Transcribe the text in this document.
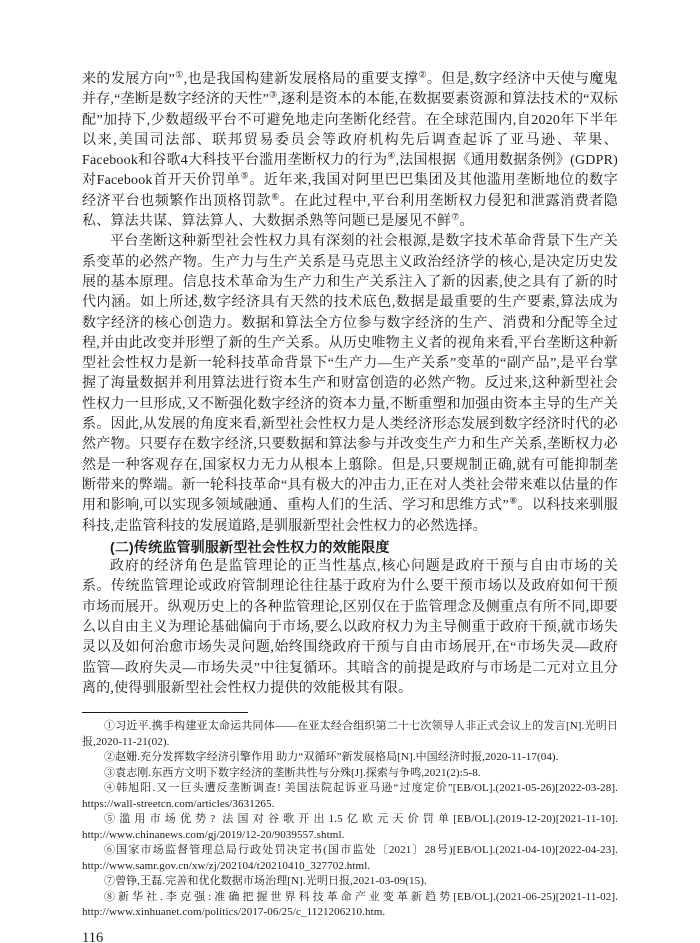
来的发展方向”①,也是我国构建新发展格局的重要支撑②。但是,数字经济中天使与魔鬼并存,“垄断是数字经济的天性”③,逐利是资本的本能,在数据要素资源和算法技术的“双标配”加持下,少数超级平台不可避免地走向垄断化经营。在全球范围内,自2020年下半年以来,美国司法部、联邦贸易委员会等政府机构先后调查起诉了亚马逊、苹果、Facebook和谷歌4大科技平台滥用垄断权力的行为④,法国根据《通用数据条例》(GDPR)对Facebook首开天价罚单⑤。近年来,我国对阿里巴巴集团及其他滥用垄断地位的数字经济平台也频繁作出顶格罚款⑥。在此过程中,平台利用垄断权力侵犯和泄露消费者隐私、算法共谋、算法算人、大数据杀熟等问题已是屡见不鲜⑦。

平台垄断这种新型社会性权力具有深刻的社会根源,是数字技术革命背景下生产关系变革的必然产物。生产力与生产关系是马克思主义政治经济学的核心,是决定历史发展的基本原理。信息技术革命为生产力和生产关系注入了新的因素,使之具有了新的时代内涵。如上所述,数字经济具有天然的技术底色,数据是最重要的生产要素,算法成为数字经济的核心创造力。数据和算法全方位参与数字经济的生产、消费和分配等全过程,并由此改变并形塑了新的生产关系。从历史唯物主义者的视角来看,平台垄断这种新型社会性权力是新一轮科技革命背景下“生产力—生产关系”变革的“副产品”,是平台掌握了海量数据并利用算法进行资本生产和财富创造的必然产物。反过来,这种新型社会性权力一旦形成,又不断强化数字经济的资本力量,不断重塑和加强由资本主导的生产关系。因此,从发展的角度来看,新型社会性权力是人类经济形态发展到数字经济时代的必然产物。只要存在数字经济,只要数据和算法参与并改变生产力和生产关系,垄断权力必然是一种客观存在,国家权力无力从根本上翦除。但是,只要规制正确,就有可能抑制垄断带来的弊端。新一轮科技革命“具有极大的冲击力,正在对人类社会带来难以估量的作用和影响,可以实现多领域融通、重构人们的生活、学习和思维方式”⑧。以科技来驯服科技,走监管科技的发展道路,是驯服新型社会性权力的必然选择。

(二)传统监管驯服新型社会性权力的效能限度

政府的经济角色是监管理论的正当性基点,核心问题是政府干预与自由市场的关系。传统监管理论或政府管制理论往往基于政府为什么要干预市场以及政府如何干预市场而展开。纵观历史上的各种监管理论,区别仅在于监管理念及侧重点有所不同,即要么以自由主义为理论基础偏向于市场,要么以政府权力为主导侧重于政府干预,就市场失灵以及如何治愈市场失灵问题,始终围绕政府干预与自由市场展开,在“市场失灵—政府监管—政府失灵—市场失灵”中往复循环。其暗含的前提是政府与市场是二元对立且分离的,使得驯服新型社会性权力提供的效能极其有限。

①习近平.携手构建亚太命运共同体——在亚太经合组织第二十七次领导人非正式会议上的发言[N].光明日报,2020-11-21(02).

②赵姗.充分发挥数字经济引擎作用 助力“双循环”新发展格局[N].中国经济时报,2020-11-17(04).

③袁志刚.东西方文明下数字经济的垄断共性与分殊[J].探索与争鸣,2021(2):5-8.

④韩旭阳.又一巨头遭反垄断调查! 美国法院起诉亚马逊“过度定价”[EB/OL].(2021-05-26)[2022-03-28]. https://wall-streetcn.com/articles/3631265.

⑤滥用市场优势? 法国对谷歌开出1.5亿欧元天价罚单[EB/OL].(2019-12-20)[2021-11-10]. http://www.chinanews.com/gj/2019/12-20/9039557.shtml.

⑥国家市场监督管理总局行政处罚决定书(国市监处〔2021〕28号)[EB/OL].(2021-04-10)[2022-04-23]. http://www.samr.gov.cn/xw/zj/202104/t20210410_327702.html.

⑦曾铮,王磊.完善和优化数据市场治理[N].光明日报,2021-03-09(15).

⑧新华社.李克强:准确把握世界科技革命产业变革新趋势[EB/OL].(2021-06-25)[2021-11-02]. http://www.xinhuanet.com/politics/2017-06/25/c_1121206210.htm.

116
